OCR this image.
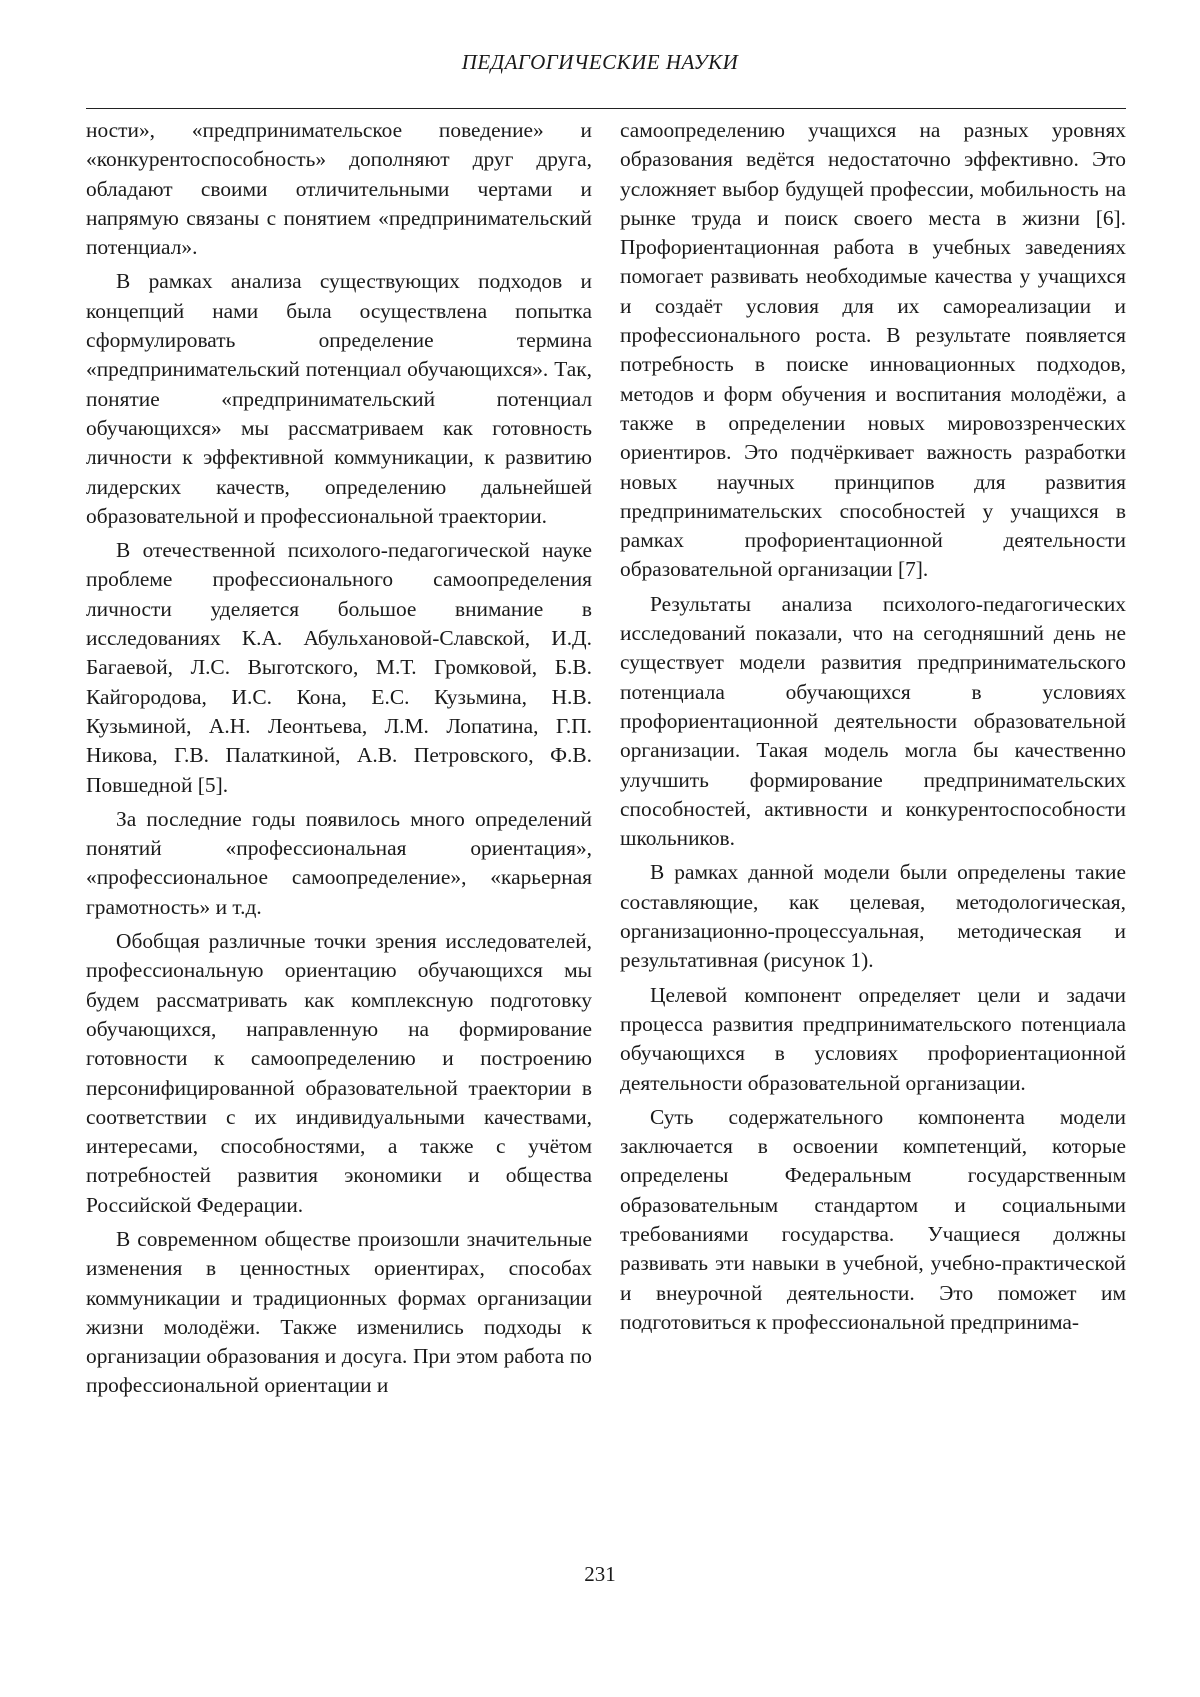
ПЕДАГОГИЧЕСКИЕ НАУКИ

ности», «предпринимательское поведение» и «конкурентоспособность» дополняют друг друга, обладают своими отличительными чертами и напрямую связаны с понятием «предпринимательский потенциал».

В рамках анализа существующих подходов и концепций нами была осуществлена попытка сформулировать определение термина «предпринимательский потенциал обучающихся». Так, понятие «предпринимательский потенциал обучающихся» мы рассматриваем как готовность личности к эффективной коммуникации, к развитию лидерских качеств, определению дальнейшей образовательной и профессиональной траектории.

В отечественной психолого-педагогической науке проблеме профессионального самоопределения личности уделяется большое внимание в исследованиях К.А. Абульхановой-Славской, И.Д. Багаевой, Л.С. Выготского, М.Т. Громковой, Б.В. Кайгородова, И.С. Кона, Е.С. Кузьминa, Н.В. Кузьминой, А.Н. Леонтьева, Л.М. Лопатина, Г.П. Никова, Г.В. Палаткиной, А.В. Петровского, Ф.В. Повшедной [5].

За последние годы появилось много определений понятий «профессиональная ориентация», «профессиональное самоопределение», «карьерная грамотность» и т.д.

Обобщая различные точки зрения исследователей, профессиональную ориентацию обучающихся мы будем рассматривать как комплексную подготовку обучающихся, направленную на формирование готовности к самоопределению и построению персонифицированной образовательной траектории в соответствии с их индивидуальными качествами, интересами, способностями, а также с учётом потребностей развития экономики и общества Российской Федерации.

В современном обществе произошли значительные изменения в ценностных ориентирах, способах коммуникации и традиционных формах организации жизни молодёжи. Также изменились подходы к организации образования и досуга. При этом работа по профессиональной ориентации и

самоопределению учащихся на разных уровнях образования ведётся недостаточно эффективно. Это усложняет выбор будущей профессии, мобильность на рынке труда и поиск своего места в жизни [6]. Профориентационная работа в учебных заведениях помогает развивать необходимые качества у учащихся и создаёт условия для их самореализации и профессионального роста. В результате появляется потребность в поиске инновационных подходов, методов и форм обучения и воспитания молодёжи, а также в определении новых мировоззренческих ориентиров. Это подчёркивает важность разработки новых научных принципов для развития предпринимательских способностей у учащихся в рамках профориентационной деятельности образовательной организации [7].

Результаты анализа психолого-педагогических исследований показали, что на сегодняшний день не существует модели развития предпринимательского потенциала обучающихся в условиях профориентационной деятельности образовательной организации. Такая модель могла бы качественно улучшить формирование предпринимательских способностей, активности и конкурентоспособности школьников.

В рамках данной модели были определены такие составляющие, как целевая, методологическая, организационно-процессуальная, методическая и результативная (рисунок 1).

Целевой компонент определяет цели и задачи процесса развития предпринимательского потенциала обучающихся в условиях профориентационной деятельности образовательной организации.

Суть содержательного компонента модели заключается в освоении компетенций, которые определены Федеральным государственным образовательным стандартом и социальными требованиями государства. Учащиеся должны развивать эти навыки в учебной, учебно-практической и внеурочной деятельности. Это поможет им подготовиться к профессиональной предпринима-

231
